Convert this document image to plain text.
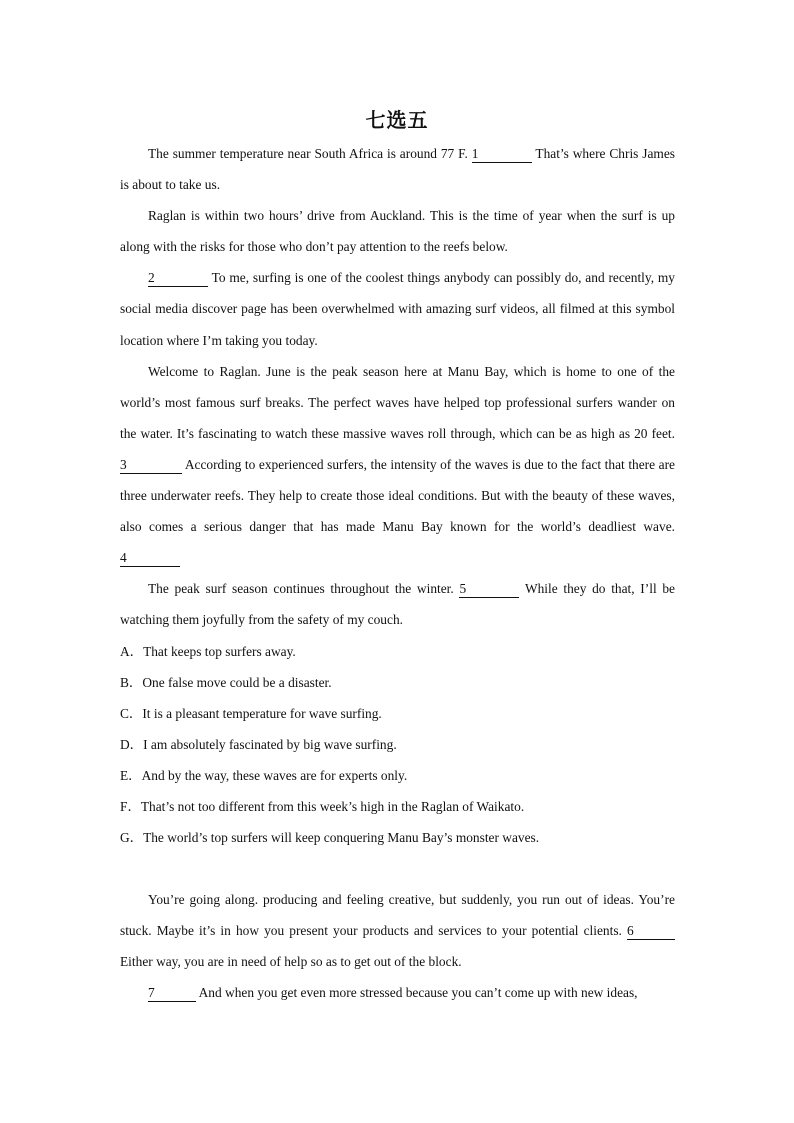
七选五

The summer temperature near South Africa is around 77 F. 1	That’s where Chris James is about to take us.

Raglan is within two hours’ drive from Auckland. This is the time of year when the surf is up along with the risks for those who don’t pay attention to the reefs below.

2	To me, surfing is one of the coolest things anybody can possibly do, and recently, my social media discover page has been overwhelmed with amazing surf videos, all filmed at this symbol location where I’m taking you today.

Welcome to Raglan. June is the peak season here at Manu Bay, which is home to one of the world’s most famous surf breaks. The perfect waves have helped top professional surfers wander on the water. It’s fascinating to watch these massive waves roll through, which can be as high as 20 feet. 3	According to experienced surfers, the intensity of the waves is due to the fact that there are three underwater reefs. They help to create those ideal conditions. But with the beauty of these waves, also comes a serious danger that has made Manu Bay known for the world’s deadliest wave. 4

The peak surf season continues throughout the winter. 5	While they do that, I’ll be watching them joyfully from the safety of my couch.

A．That keeps top surfers away.

B．One false move could be a disaster.

C．It is a pleasant temperature for wave surfing.

D．I am absolutely fascinated by big wave surfing.

E．And by the way, these waves are for experts only.

F．That’s not too different from this week’s high in the Raglan of Waikato.

G．The world’s top surfers will keep conquering Manu Bay’s monster waves.

You’re going along. producing and feeling creative, but suddenly, you run out of ideas. You’re stuck. Maybe it’s in how you present your products and services to your potential clients. 6 Either way, you are in need of help so as to get out of the block.

7	And when you get even more stressed because you can’t come up with new ideas,
